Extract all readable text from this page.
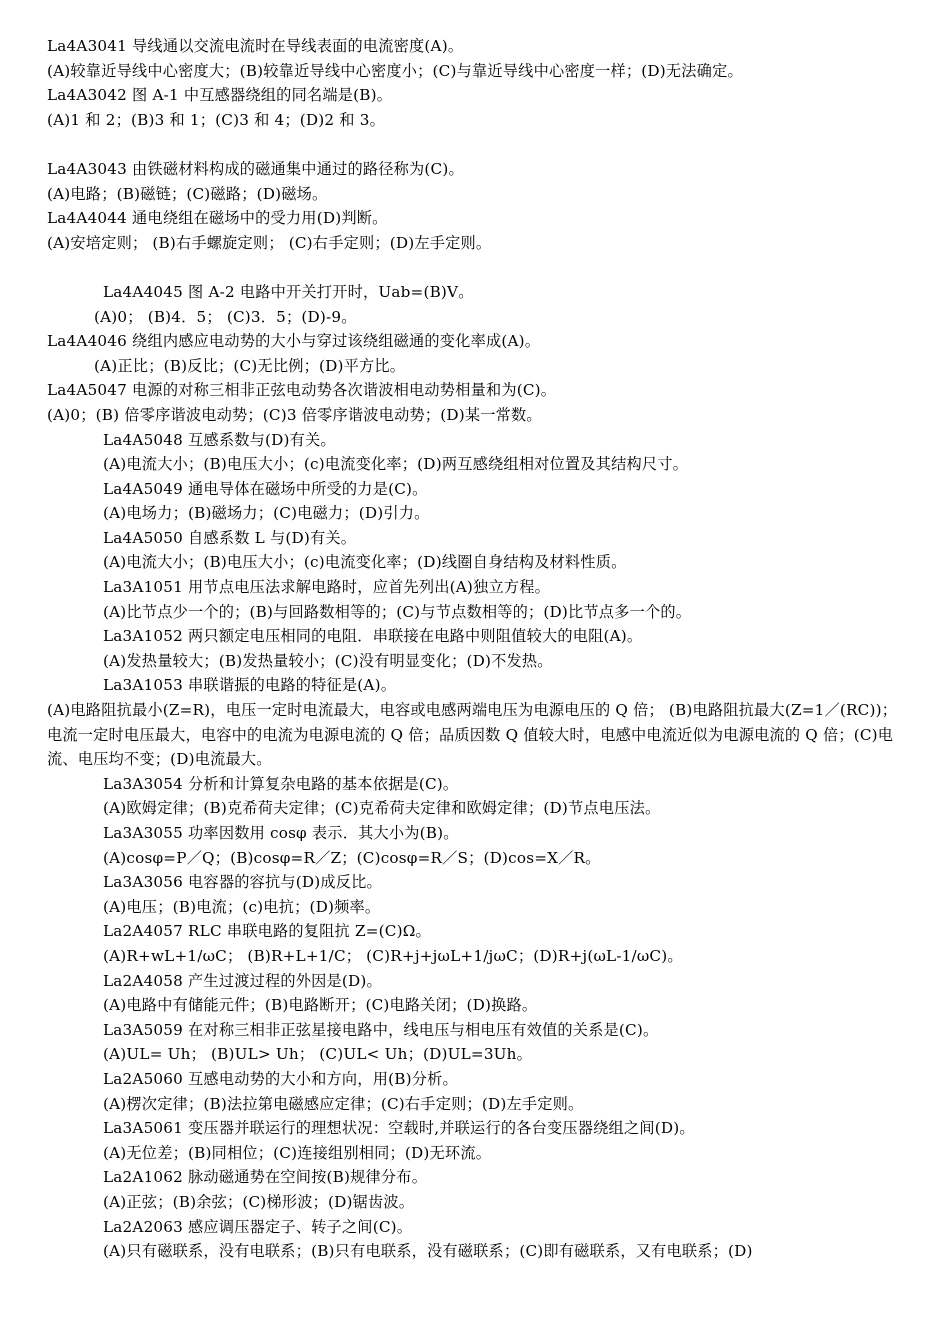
La4A3041 导线通以交流电流时在导线表面的电流密度(A)。
(A)较靠近导线中心密度大；(B)较靠近导线中心密度小；(C)与靠近导线中心密度一样；(D)无法确定。
La4A3042 图 A-1 中互感器绕组的同名端是(B)。
(A)1 和 2；(B)3 和 1；(C)3 和 4；(D)2 和 3。
La4A3043 由铁磁材料构成的磁通集中通过的路径称为(C)。
(A)电路；(B)磁链；(C)磁路；(D)磁场。
La4A4044 通电绕组在磁场中的受力用(D)判断。
(A)安培定则； (B)右手螺旋定则； (C)右手定则；(D)左手定则。
La4A4045 图 A-2 电路中开关打开时，Uab=(B)V。
(A)0； (B)4．5； (C)3．5；(D)-9。
La4A4046 绕组内感应电动势的大小与穿过该绕组磁通的变化率成(A)。
(A)正比；(B)反比；(C)无比例；(D)平方比。
La4A5047 电源的对称三相非正弦电动势各次谐波相电动势相量和为(C)。
(A)0；(B) 倍零序谐波电动势；(C)3 倍零序谐波电动势；(D)某一常数。
La4A5048 互感系数与(D)有关。
(A)电流大小；(B)电压大小；(c)电流变化率；(D)两互感绕组相对位置及其结构尺寸。
La4A5049 通电导体在磁场中所受的力是(C)。
(A)电场力；(B)磁场力；(C)电磁力；(D)引力。
La4A5050 自感系数 L 与(D)有关。
(A)电流大小；(B)电压大小；(c)电流变化率；(D)线圈自身结构及材料性质。
La3A1051 用节点电压法求解电路时，应首先列出(A)独立方程。
(A)比节点少一个的；(B)与回路数相等的；(C)与节点数相等的；(D)比节点多一个的。
La3A1052 两只额定电压相同的电阻．串联接在电路中则阻值较大的电阻(A)。
(A)发热量较大；(B)发热量较小；(C)没有明显变化；(D)不发热。
La3A1053 串联谐振的电路的特征是(A)。
(A)电路阻抗最小(Z=R)，电压一定时电流最大，电容或电感两端电压为电源电压的 Q 倍； (B)电路阻抗最大(Z=1／(RC))；电流一定时电压最大，电容中的电流为电源电流的 Q 倍；品质因数 Q 值较大时，电感中电流近似为电源电流的 Q 倍；(C)电流、电压均不变；(D)电流最大。
La3A3054 分析和计算复杂电路的基本依据是(C)。
(A)欧姆定律；(B)克希荷夫定律；(C)克希荷夫定律和欧姆定律；(D)节点电压法。
La3A3055 功率因数用 cosφ 表示．其大小为(B)。
(A)cosφ=P／Q；(B)cosφ=R／Z；(C)cosφ=R／S；(D)cos=X／R。
La3A3056 电容器的容抗与(D)成反比。
(A)电压；(B)电流；(c)电抗；(D)频率。
La2A4057 RLC 串联电路的复阻抗 Z=(C)Ω。
(A)R+wL+1/ωC； (B)R+L+1/C； (C)R+j+jωL+1/jωC；(D)R+j(ωL-1/ωC)。
La2A4058 产生过渡过程的外因是(D)。
(A)电路中有储能元件；(B)电路断开；(C)电路关闭；(D)换路。
La3A5059 在对称三相非正弦星接电路中，线电压与相电压有效值的关系是(C)。
(A)UL= Uh； (B)UL> Uh； (C)UL< Uh；(D)UL=3Uh。
La2A5060 互感电动势的大小和方向，用(B)分析。
(A)楞次定律；(B)法拉第电磁感应定律；(C)右手定则；(D)左手定则。
La3A5061 变压器并联运行的理想状况：空载时,并联运行的各台变压器绕组之间(D)。
(A)无位差；(B)同相位；(C)连接组别相同；(D)无环流。
La2A1062 脉动磁通势在空间按(B)规律分布。
(A)正弦；(B)余弦；(C)梯形波；(D)锯齿波。
La2A2063 感应调压器定子、转子之间(C)。
(A)只有磁联系，没有电联系；(B)只有电联系，没有磁联系；(C)即有磁联系，又有电联系；(D)
